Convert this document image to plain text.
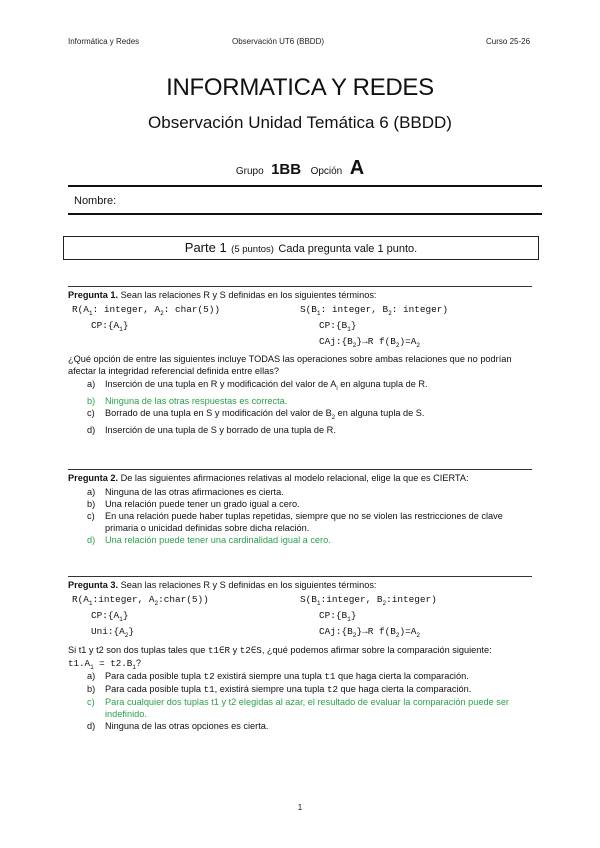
Informática y Redes	Observación UT6 (BBDD)	Curso 25-26
INFORMATICA Y REDES
Observación Unidad Temática 6 (BBDD)
Grupo 1BB Opción A
Nombre:
Parte 1 (5 puntos) Cada pregunta vale 1 punto.
Pregunta 1. Sean las relaciones R y S definidas en los siguientes términos:
$R(A_1$: integer, $A_2$: char(5))
$CP:\{A_1\}$
$S(B_1$: integer, $B_2$: integer)
$CP:\{B_1\}$
$CAj:\{B_2\}\to R$ $f(B_2)=A_2$
¿Qué opción de entre las siguientes incluye TODAS las operaciones sobre ambas relaciones que no podrían afectar la integridad referencial definida entre ellas?
a) Inserción de una tupla en R y modificación del valor de $A_i$ en alguna tupla de R.
b) Ninguna de las otras respuestas es correcta.
c) Borrado de una tupla en S y modificación del valor de $B_2$ en alguna tupla de S.
d) Inserción de una tupla de S y borrado de una tupla de R.
Pregunta 2. De las siguientes afirmaciones relativas al modelo relacional, elige la que es CIERTA:
a) Ninguna de las otras afirmaciones es cierta.
b) Una relación puede tener un grado igual a cero.
c) En una relación puede haber tuplas repetidas, siempre que no se violen las restricciones de clave primaria o unicidad definidas sobre dicha relación.
d) Una relación puede tener una cardinalidad igual a cero.
Pregunta 3. Sean las relaciones R y S definidas en los siguientes términos:
$R(A_1:integer$, $A_2:char(5)$)
$CP:\{A_1\}$
$Uni:\{A_2\}$
$S(B_1:integer$, $B_2:integer$)
$CP:\{B_1\}$
$CAj:\{B_2\}\to R$ $f(B_2)=A_2$
Si t1 y t2 son dos tuplas tales que t1∈R y t2∈S, ¿qué podemos afirmar sobre la comparación siguiente:
$t1.A_1 = t2.B_1$?
a) Para cada posible tupla t2 existirá siempre una tupla t1 que haga cierta la comparación.
b) Para cada posible tupla t1, existirá siempre una tupla t2 que haga cierta la comparación.
c) Para cualquier dos tuplas t1 y t2 elegidas al azar, el resultado de evaluar la comparación puede ser indefinido.
d) Ninguna de las otras opciones es cierta.
1
